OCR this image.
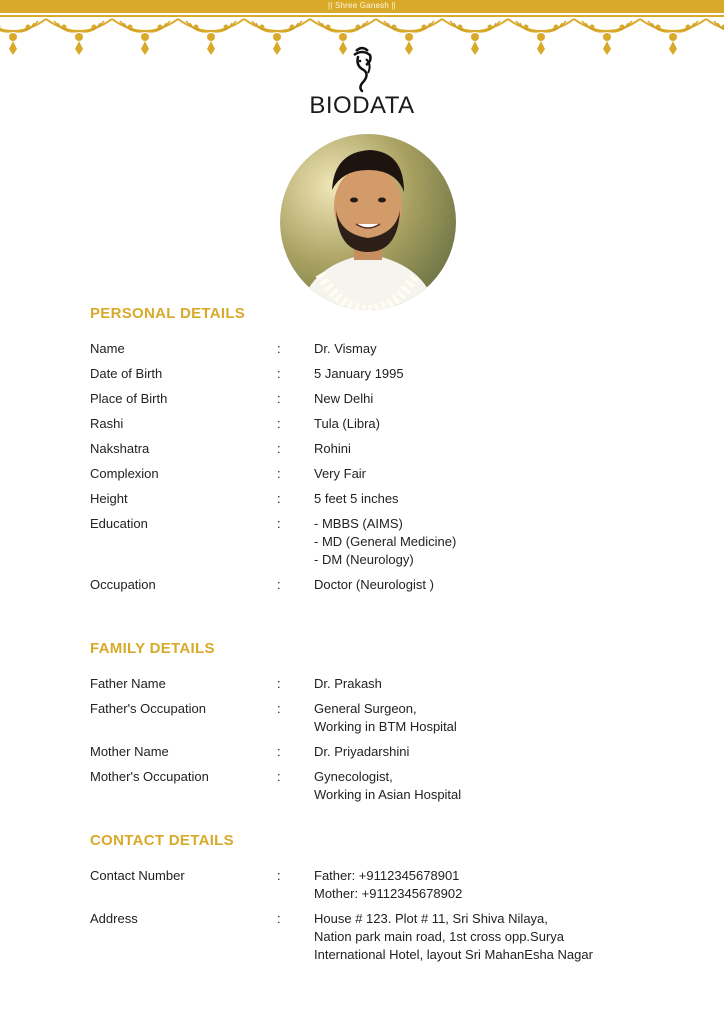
|| Shree Ganesh ||
BIODATA
PERSONAL DETAILS
Name	:	Dr. Vismay
Date of Birth	:	5 January 1995
Place of Birth	:	New Delhi
Rashi	:	Tula (Libra)
Nakshatra	:	Rohini
Complexion	:	Very Fair
Height	:	5 feet 5 inches
Education	:	- MBBS (AIMS)
- MD (General Medicine)
- DM (Neurology)
Occupation	:	Doctor (Neurologist )
FAMILY DETAILS
Father Name	:	Dr. Prakash
Father's Occupation	:	General Surgeon,
Working in BTM Hospital
Mother Name	:	Dr. Priyadarshini
Mother's Occupation	:	Gynecologist,
Working in Asian Hospital
CONTACT DETAILS
Contact Number	:	Father: +9112345678901
Mother: +9112345678902
Address	:	House # 123. Plot # 11, Sri Shiva Nilaya,
Nation park main road, 1st cross opp.Surya
International Hotel, layout Sri MahanEsha Nagar
